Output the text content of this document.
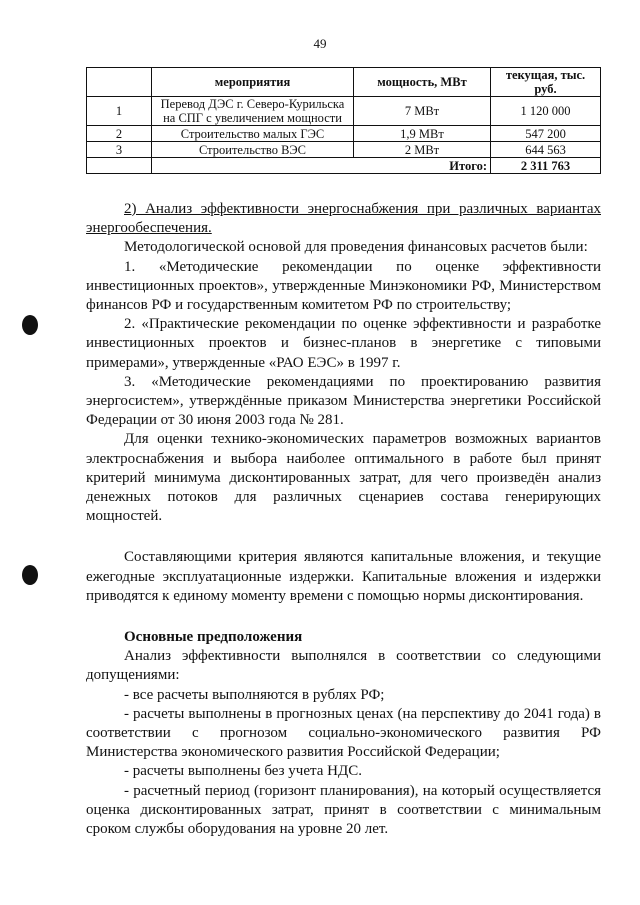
49
	мероприятия	мощность, МВт	текущая, тыс. руб.
1	Перевод ДЭС г. Северо-Курильска на СПГ с увеличением мощности	7 МВт	1 120 000
2	Строительство малых ГЭС	1,9 МВт	547 200
3	Строительство ВЭС	2 МВт	644 563
	Итого:		2 311 763

2) Анализ эффективности энергоснабжения при различных вариантах энергообеспечения.

Методологической основой для проведения финансовых расчетов были:

1. «Методические рекомендации по оценке эффективности инвестиционных проектов», утвержденные Минэкономики РФ, Министерством финансов РФ и государственным комитетом РФ по строительству;

2. «Практические рекомендации по оценке эффективности и разработке инвестиционных проектов и бизнес-планов в энергетике с типовыми примерами», утвержденные «РАО ЕЭС» в 1997 г.

3. «Методические рекомендациями по проектированию развития энергосистем», утверждённые приказом Министерства энергетики Российской Федерации от 30 июня 2003 года № 281.

Для оценки технико-экономических параметров возможных вариантов электроснабжения и выбора наиболее оптимального в работе был принят критерий минимума дисконтированных затрат, для чего произведён анализ денежных потоков для различных сценариев состава генерирующих мощностей.

Составляющими критерия являются капитальные вложения, и текущие ежегодные эксплуатационные издержки. Капитальные вложения и издержки приводятся к единому моменту времени с помощью нормы дисконтирования.

Основные предположения

Анализ эффективности выполнялся в соответствии со следующими допущениями:

- все расчеты выполняются в рублях РФ;

- расчеты выполнены в прогнозных ценах (на перспективу до 2041 года) в соответствии с прогнозом социально-экономического развития РФ Министерства экономического развития Российской Федерации;

- расчеты выполнены без учета НДС.

- расчетный период (горизонт планирования), на который осуществляется оценка дисконтированных затрат, принят в соответствии с минимальным сроком службы оборудования на уровне 20 лет.
